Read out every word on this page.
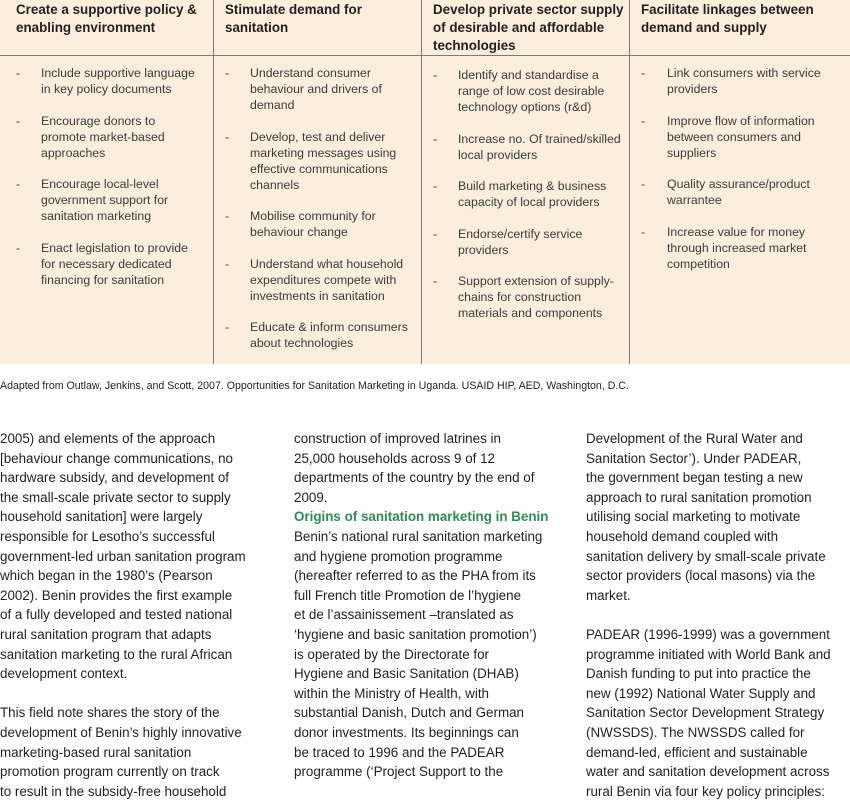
Create a supportive policy &
enabling environment
- Include supportive language
in key policy documents
- Encourage donors to
promote market-based
approaches
- Encourage local-level
government support for
sanitation marketing
- Enact legislation to provide
for necessary dedicated
financing for sanitation
Stimulate demand for
sanitation
- Understand consumer
behaviour and drivers of
demand
- Develop, test and deliver
marketing messages using
effective communications
channels
- Mobilise community for
behaviour change
- Understand what household
expenditures compete with
investments in sanitation
- Educate & inform consumers
about technologies
Develop private sector supply
of desirable and affordable
technologies
- Identify and standardise a
range of low cost desirable
technology options (r&d)
- Increase no. Of trained/skilled
local providers
- Build marketing & business
capacity of local providers
- Endorse/certify service
providers
- Support extension of supply-
chains for construction
materials and components
Facilitate linkages between
demand and supply
- Link consumers with service
providers
- Improve flow of information
between consumers and
suppliers
- Quality assurance/product
warrantee
- Increase value for money
through increased market
competition
Adapted from Outlaw, Jenkins, and Scott, 2007. Opportunities for Sanitation Marketing in Uganda. USAID HIP, AED, Washington, D.C.

2005) and elements of the approach
[behaviour change communications, no
hardware subsidy, and development of
the small-scale private sector to supply
household sanitation] were largely
responsible for Lesotho’s successful
government-led urban sanitation program
which began in the 1980’s (Pearson
2002). Benin provides the first example
of a fully developed and tested national
rural sanitation program that adapts
sanitation marketing to the rural African
development context.

This field note shares the story of the
development of Benin’s highly innovative
marketing-based rural sanitation
promotion program currently on track
to result in the subsidy-free household

construction of improved latrines in
25,000 households across 9 of 12
departments of the country by the end of
2009.

Origins of sanitation marketing in Benin

Benin’s national rural sanitation marketing
and hygiene promotion programme
(hereafter referred to as the PHA from its
full French title Promotion de l’hygiene
et de l’assainissement –translated as
‘hygiene and basic sanitation promotion’)
is operated by the Directorate for
Hygiene and Basic Sanitation (DHAB)
within the Ministry of Health, with
substantial Danish, Dutch and German
donor investments. Its beginnings can
be traced to 1996 and the PADEAR
programme (‘Project Support to the

Development of the Rural Water and
Sanitation Sector’). Under PADEAR,
the government began testing a new
approach to rural sanitation promotion
utilising social marketing to motivate
household demand coupled with
sanitation delivery by small-scale private
sector providers (local masons) via the
market.

PADEAR (1996-1999) was a government
programme initiated with World Bank and
Danish funding to put into practice the
new (1992) National Water Supply and
Sanitation Sector Development Strategy
(NWSSDS). The NWSSDS called for
demand-led, efficient and sustainable
water and sanitation development across
rural Benin via four key policy principles:
